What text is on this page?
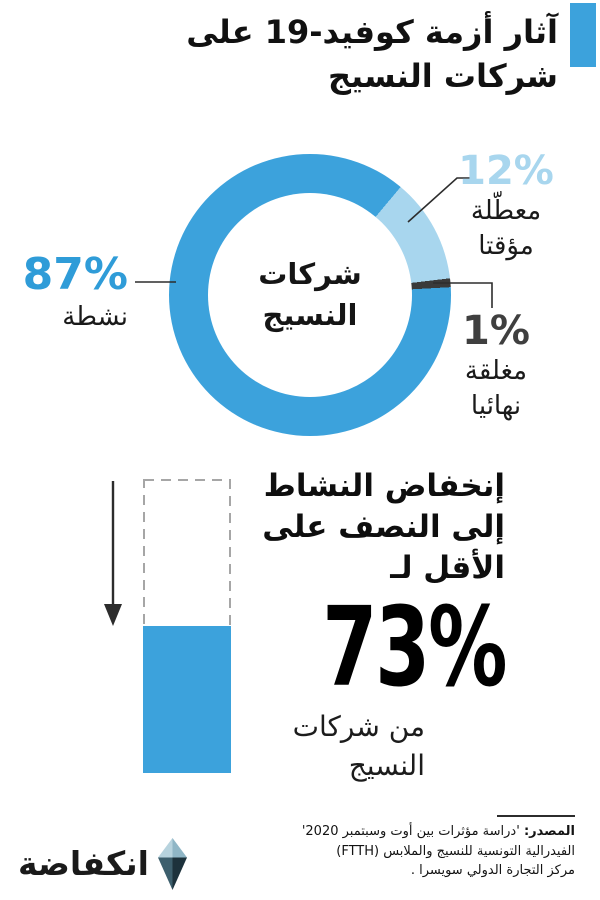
آثار أزمة كوفيد-19 على
شركات النسيج
شركات
النسيج
87%
نشطة
12%
معطّلة
مؤقتا
1%
مغلقة
نهائيا
إنخفاض النشاط
إلى النصف على
الأقل لـ
73%
من شركات
النسيج
المصدر: 'دراسة مؤثرات بين أوت وسبتمبر 2020'
الفيدرالية التونسية للنسيج والملابس (FTTH)
مركز التجارة الدولي سويسرا .
انكفاضة
